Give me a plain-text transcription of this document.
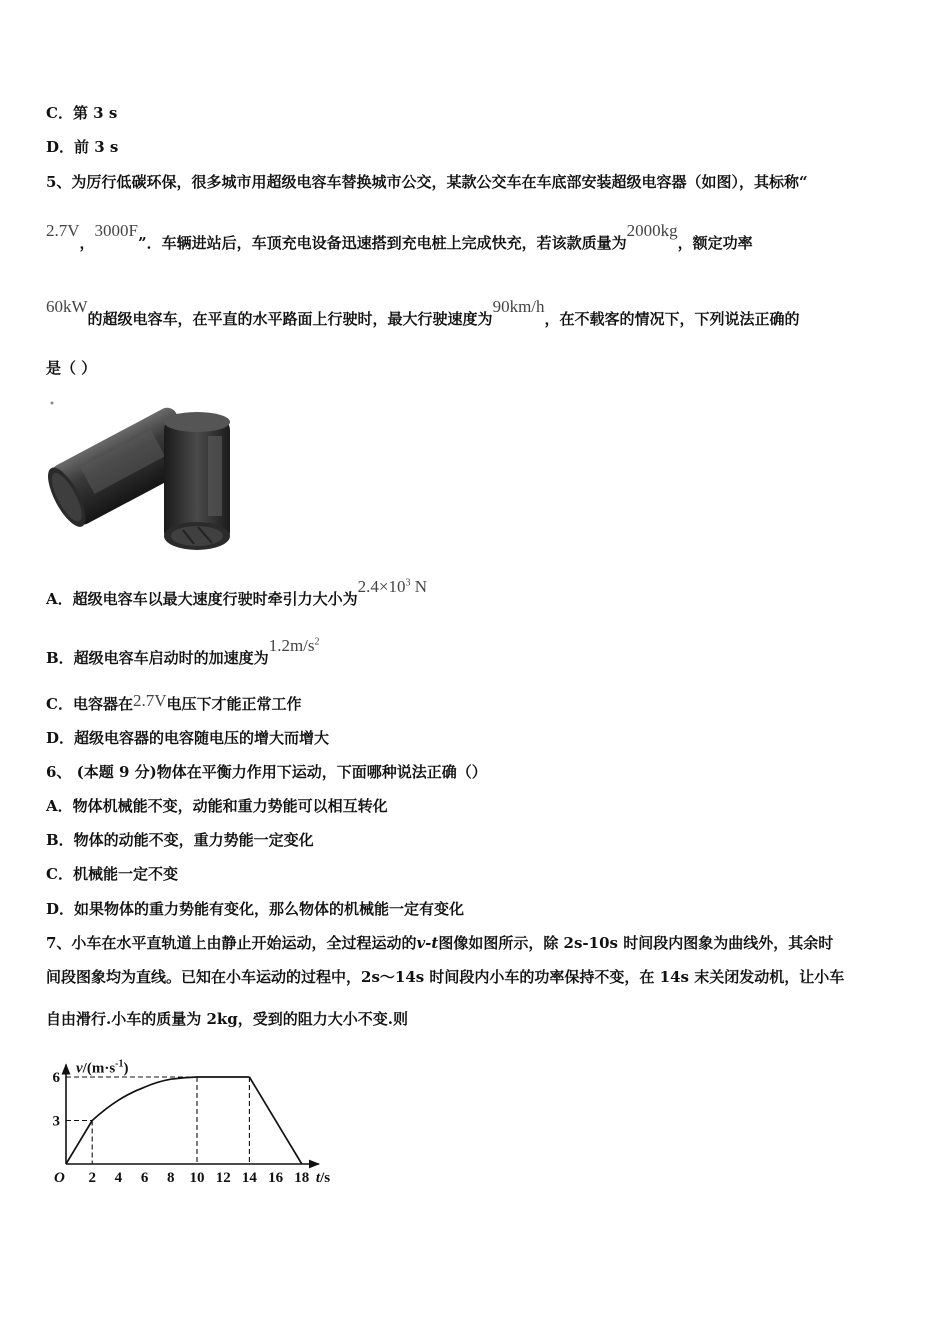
C．第 3 s
D．前 3 s
5、为厉行低碳环保，很多城市用超级电容车替换城市公交，某款公交车在车底部安装超级电容器（如图），其标称“
2.7V，3000F”．车辆进站后，车顶充电设备迅速搭到充电桩上完成快充，若该款质量为2000kg，额定功率
60kW的超级电容车，在平直的水平路面上行驶时，最大行驶速度为90km/h，在不载客的情况下，下列说法正确的
是（ ）
A．超级电容车以最大速度行驶时牵引力大小为$2.4\times 10^3$ N
B．超级电容车启动时的加速度为$1.2m/s^2$
C．电容器在2.7V电压下才能正常工作
D．超级电容器的电容随电压的增大而增大
6、 (本题 9 分)物体在平衡力作用下运动，下面哪种说法正确（）
A．物体机械能不变，动能和重力势能可以相互转化
B．物体的动能不变，重力势能一定变化
C．机械能一定不变
D．如果物体的重力势能有变化，那么物体的机械能一定有变化
7、小车在水平直轨道上由静止开始运动，全过程运动的v-t图像如图所示，除 2s-10s 时间段内图象为曲线外，其余时
间段图象均为直线。已知在小车运动的过程中，2s～14s 时间段内小车的功率保持不变，在 14s 末关闭发动机，让小车
自由滑行.小车的质量为 2kg，受到的阻力大小不变.则
2 4 6 8 10 12 14 16 18
3
6
O
$v/(m\cdot s^{-1})$
t/s
